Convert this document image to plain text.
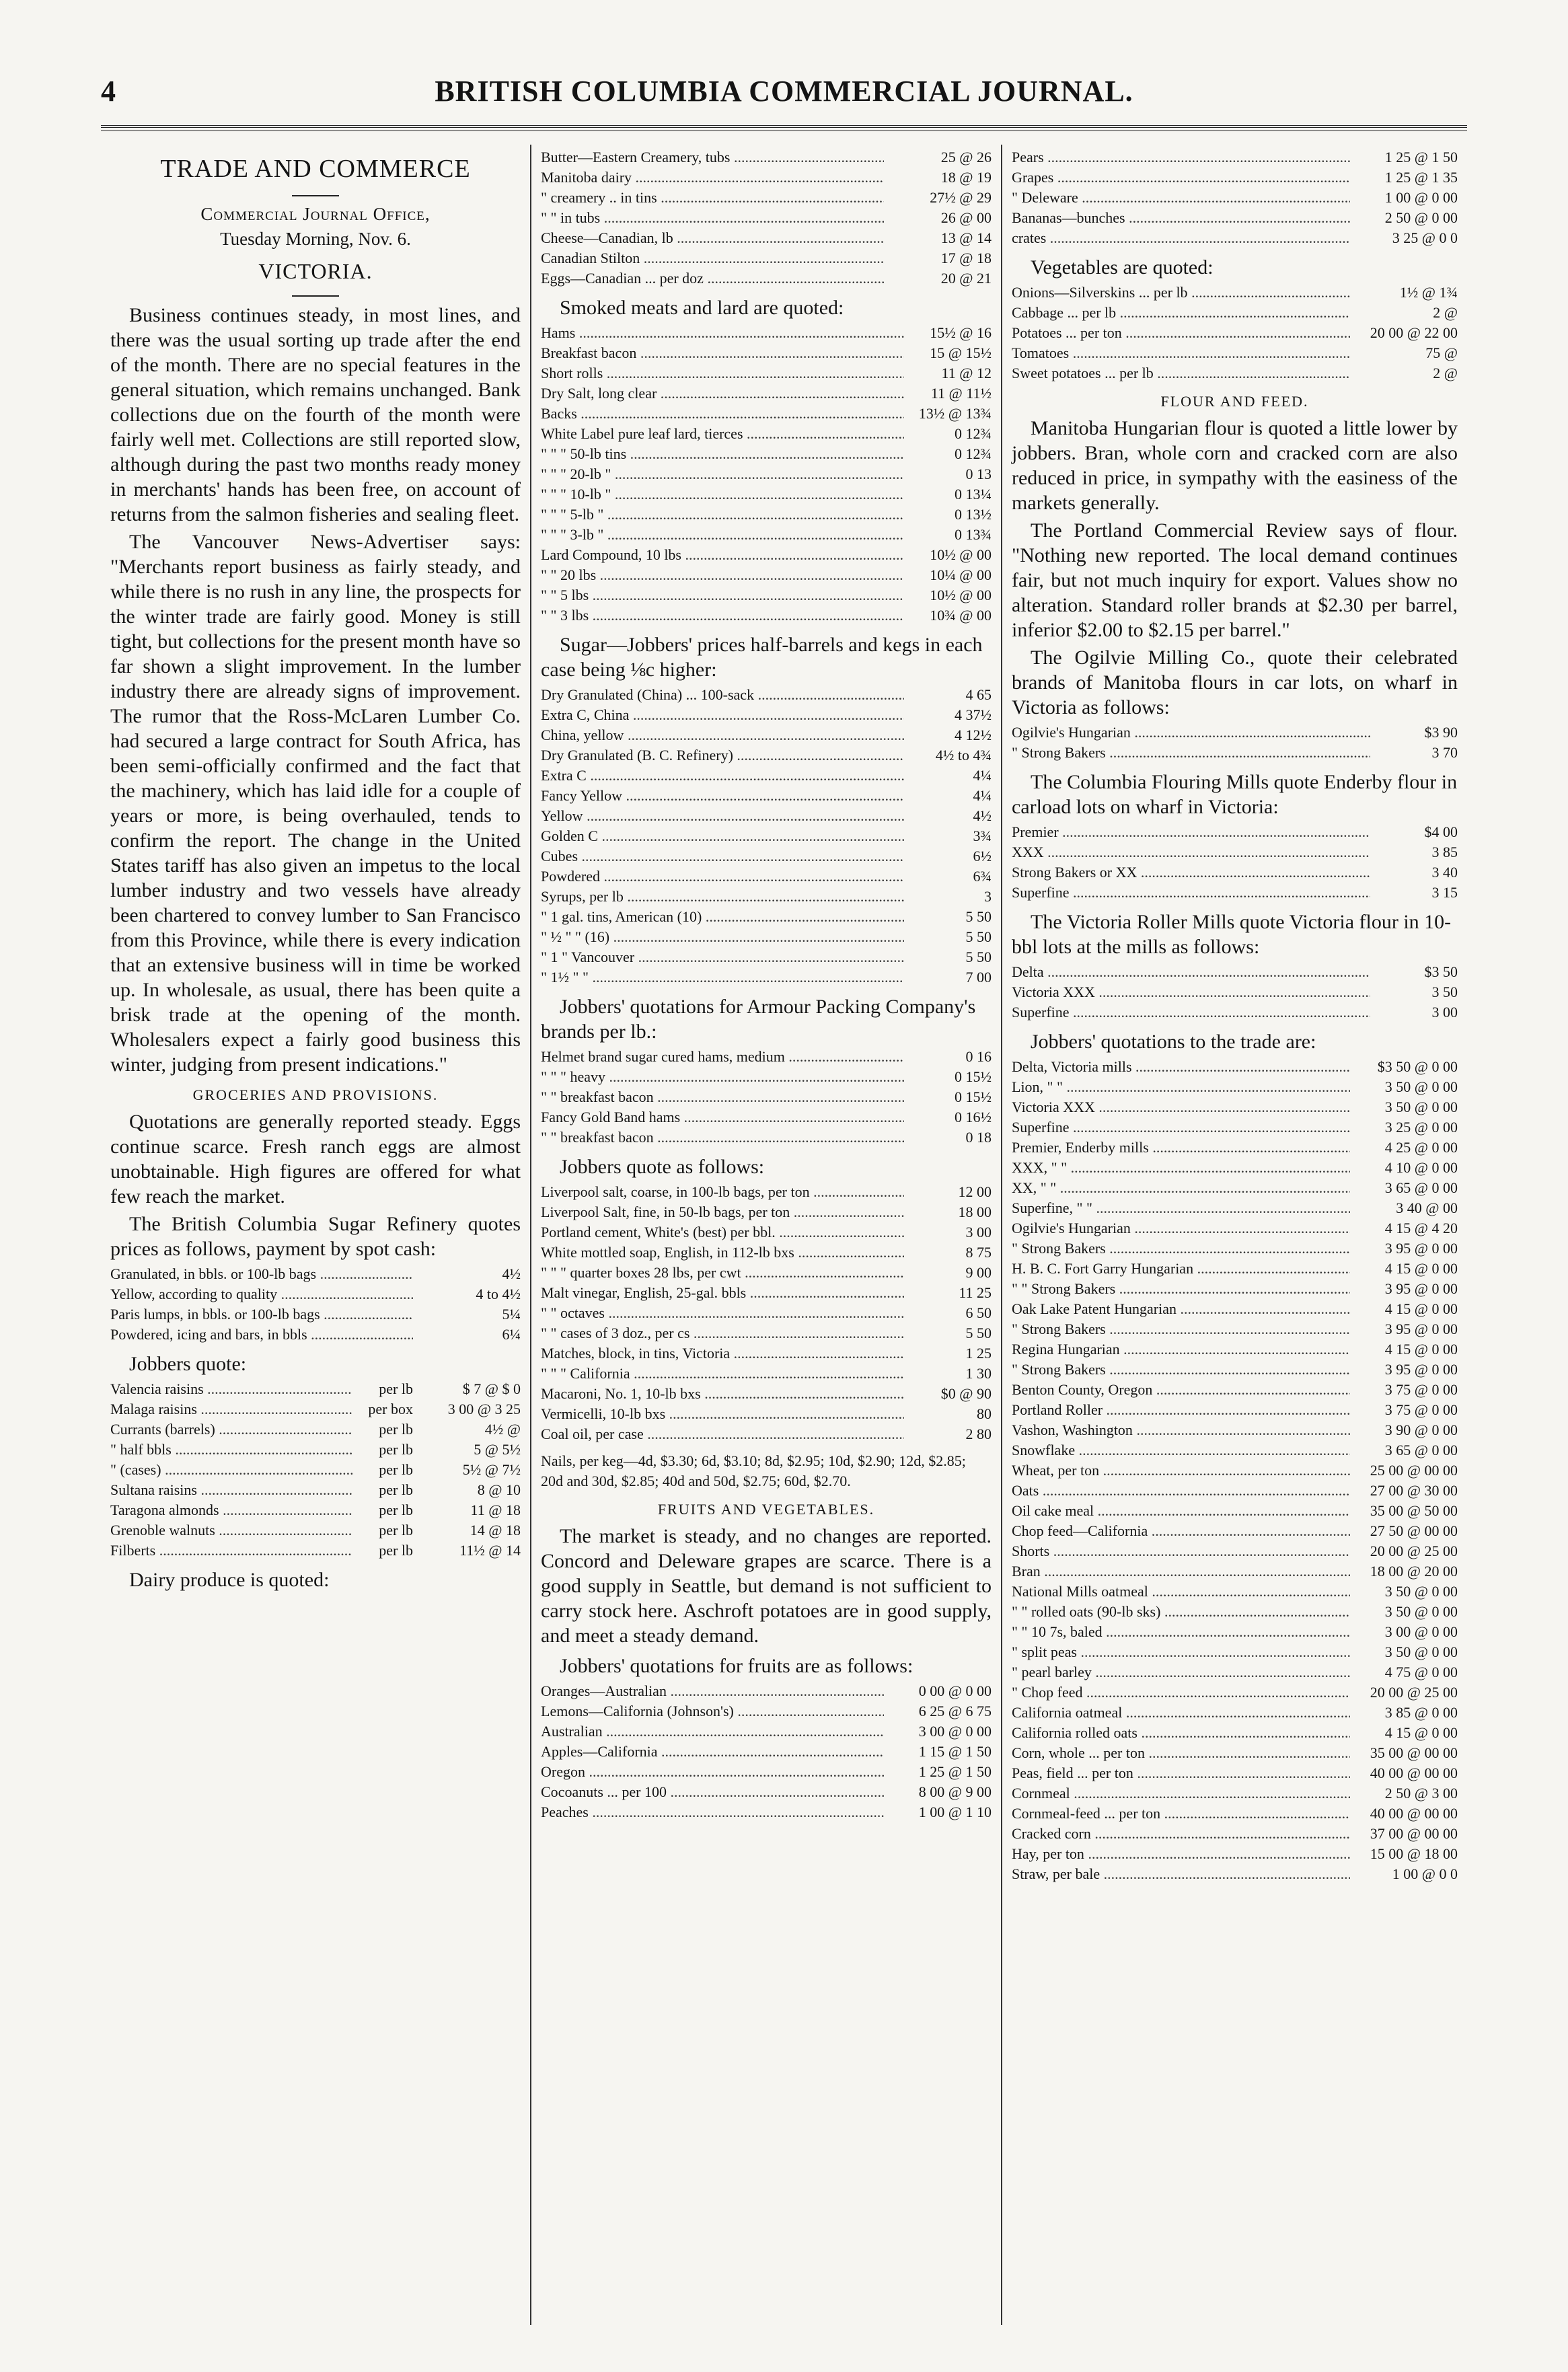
4	BRITISH COLUMBIA COMMERCIAL JOURNAL.
TRADE AND COMMERCE
Commercial Journal Office,
Tuesday Morning, Nov. 6.
VICTORIA.

Business continues steady, in most lines, and there was the usual sorting up trade after the end of the month. There are no special features in the general situation, which remains unchanged. Bank collections due on the fourth of the month were fairly well met. Collections are still reported slow, although during the past two months ready money in merchants' hands has been free, on account of returns from the salmon fisheries and sealing fleet.

The Vancouver News-Advertiser says: "Merchants report business as fairly steady, and while there is no rush in any line, the prospects for the winter trade are fairly good. Money is still tight, but collections for the present month have so far shown a slight improvement. In the lumber industry there are already signs of improvement. The rumor that the Ross-McLaren Lumber Co. had secured a large contract for South Africa, has been semi-officially confirmed and the fact that the machinery, which has laid idle for a couple of years or more, is being overhauled, tends to confirm the report. The change in the United States tariff has also given an impetus to the local lumber industry and two vessels have already been chartered to convey lumber to San Francisco from this Province, while there is every indication that an extensive business will in time be worked up. In wholesale, as usual, there has been quite a brisk trade at the opening of the month. Wholesalers expect a fairly good business this winter, judging from present indications."

GROCERIES AND PROVISIONS.

Quotations are generally reported steady. Eggs continue scarce. Fresh ranch eggs are almost unobtainable. High figures are offered for what few reach the market.

The British Columbia Sugar Refinery quotes prices as follows, payment by spot cash:

Granulated, in bbls. or 100-lb bags .....	4½
Yellow, according to quality .....	4 to 4½
Paris lumps, in bbls. or 100-lb bags .....	5¼
Powdered, icing and bars, in bbls .....	6¼
Jobbers quote:
Valencia raisins .....	per lb	$ 7 @ $ 0
Malaga raisins .....	per box	3 00 @ 3 25
Currants (barrels) .....	per lb	4½ @
" half bbls .....	per lb	5 @ 5½
" (cases) .....	per lb	5½ @ 7½
Sultana raisins .....	per lb	8 @ 10
Taragona almonds .....	per lb	11 @ 18
Grenoble walnuts .....	per lb	14 @ 18
Filberts .....	per lb	11½ @ 14
Dairy produce is quoted:
Butter—Eastern Creamery, tubs .....	25 @ 26
Manitoba dairy .....	18 @ 19
" creamery .. in tins .....	27½ @ 29
" " in tubs .....	26 @ 00
Cheese—Canadian, lb .....	13 @ 14
Canadian Stilton .....	17 @ 18
Eggs—Canadian ... per doz .....	20 @ 21
Smoked meats and lard are quoted:
Hams .....	15½ @ 16
Breakfast bacon .....	15 @ 15½
Short rolls .....	11 @ 12
Dry Salt, long clear .....	11 @ 11½
Backs .....	13½ @ 13¾
White Label pure leaf lard, tierces .....	0 12¾
" " " 50-lb tins .....	0 12¾
" " " 20-lb " .....	0 13
" " " 10-lb " .....	0 13¼
" " " 5-lb " .....	0 13½
" " " 3-lb " .....	0 13¾
Lard Compound, 10 lbs .....	10½ @ 00
" " 20 lbs .....	10¼ @ 00
" " 5 lbs .....	10½ @ 00
" " 3 lbs .....	10¾ @ 00
Sugar—Jobbers' prices half-barrels and kegs in each case being ⅛c higher:
Dry Granulated (China) ... 100-sack .....	4 65
Extra C, China .....	4 37½
China, yellow .....	4 12½
Dry Granulated (B. C. Refinery) .....	4½ to 4¾
Extra C .....	4¼
Fancy Yellow .....	4¼
Yellow .....	4½
Golden C .....	3¾
Cubes .....	6½
Powdered .....	6¾
Syrups, per lb .....	3
" 1 gal. tins, American (10) .....	5 50
" ½ " " (16) .....	5 50
" 1 " Vancouver .....	5 50
" 1½ " " .....	7 00
Jobbers' quotations for Armour Packing Company's brands per lb.:
Helmet brand sugar cured hams, medium .....	0 16
" " " heavy .....	0 15½
" " breakfast bacon .....	0 15½
Fancy Gold Band hams .....	0 16½
" " breakfast bacon .....	0 18
Jobbers quote as follows:
Liverpool salt, coarse, in 100-lb bags, per ton .....	12 00
Liverpool Salt, fine, in 50-lb bags, per ton .....	18 00
Portland cement, White's (best) per bbl. .....	3 00
White mottled soap, English, in 112-lb bxs .....	8 75
" " " quarter boxes 28 lbs, per cwt .....	9 00
Malt vinegar, English, 25-gal. bbls .....	11 25
" " octaves .....	6 50
" " cases of 3 doz., per cs .....	5 50
Matches, block, in tins, Victoria .....	1 25
" " " California .....	1 30
Macaroni, No. 1, 10-lb bxs .....	$0 @ 90
Vermicelli, 10-lb bxs .....	80
Coal oil, per case .....	2 80
Nails, per keg—4d, $3.30; 6d, $3.10; 8d, $2.95; 10d, $2.90; 12d, $2.85; 20d and 30d, $2.85; 40d and 50d, $2.75; 60d, $2.70.
FRUITS AND VEGETABLES.

The market is steady, and no changes are reported. Concord and Deleware grapes are scarce. There is a good supply in Seattle, but demand is not sufficient to carry stock here. Aschroft potatoes are in good supply, and meet a steady demand.

Jobbers' quotations for fruits are as follows:
Oranges—Australian .....	0 00 @ 0 00
Lemons—California (Johnson's) .....	6 25 @ 6 75
Australian .....	3 00 @ 0 00
Apples—California .....	1 15 @ 1 50
Oregon .....	1 25 @ 1 50
Cocoanuts ... per 100 .....	8 00 @ 9 00
Peaches .....	1 00 @ 1 10
Pears .....	1 25 @ 1 50
Grapes .....	1 25 @ 1 35
" Deleware .....	1 00 @ 0 00
Bananas—bunches .....	2 50 @ 0 00
crates .....	3 25 @ 0 0
Vegetables are quoted:
Onions—Silverskins ... per lb .....	1½ @ 1¾
Cabbage ... per lb .....	2 @
Potatoes ... per ton .....	20 00 @ 22 00
Tomatoes .....	75 @
Sweet potatoes ... per lb .....	2 @
FLOUR AND FEED.

Manitoba Hungarian flour is quoted a little lower by jobbers. Bran, whole corn and cracked corn are also reduced in price, in sympathy with the easiness of the markets generally.

The Portland Commercial Review says of flour. "Nothing new reported. The local demand continues fair, but not much inquiry for export. Values show no alteration. Standard roller brands at $2.30 per barrel, inferior $2.00 to $2.15 per barrel."

The Ogilvie Milling Co., quote their celebrated brands of Manitoba flours in car lots, on wharf in Victoria as follows:

Ogilvie's Hungarian .....	$3 90
" Strong Bakers .....	3 70
The Columbia Flouring Mills quote Enderby flour in carload lots on wharf in Victoria:
Premier .....	$4 00
XXX .....	3 85
Strong Bakers or XX .....	3 40
Superfine .....	3 15
The Victoria Roller Mills quote Victoria flour in 10-bbl lots at the mills as follows:
Delta .....	$3 50
Victoria XXX .....	3 50
Superfine .....	3 00
Jobbers' quotations to the trade are:
Delta, Victoria mills .....	$3 50 @ 0 00
Lion, " " .....	3 50 @ 0 00
Victoria XXX .....	3 50 @ 0 00
Superfine .....	3 25 @ 0 00
Premier, Enderby mills .....	4 25 @ 0 00
XXX, " " .....	4 10 @ 0 00
XX, " " .....	3 65 @ 0 00
Superfine, " " .....	3 40 @ 00
Ogilvie's Hungarian .....	4 15 @ 4 20
" Strong Bakers .....	3 95 @ 0 00
H. B. C. Fort Garry Hungarian .....	4 15 @ 0 00
" " Strong Bakers .....	3 95 @ 0 00
Oak Lake Patent Hungarian .....	4 15 @ 0 00
" Strong Bakers .....	3 95 @ 0 00
Regina Hungarian .....	4 15 @ 0 00
" Strong Bakers .....	3 95 @ 0 00
Benton County, Oregon .....	3 75 @ 0 00
Portland Roller .....	3 75 @ 0 00
Vashon, Washington .....	3 90 @ 0 00
Snowflake .....	3 65 @ 0 00
Wheat, per ton .....	25 00 @ 00 00
Oats .....	27 00 @ 30 00
Oil cake meal .....	35 00 @ 50 00
Chop feed—California .....	27 50 @ 00 00
Shorts .....	20 00 @ 25 00
Bran .....	18 00 @ 20 00
National Mills oatmeal .....	3 50 @ 0 00
" " rolled oats (90-lb sks) .....	3 50 @ 0 00
" " 10 7s, baled .....	3 00 @ 0 00
" split peas .....	3 50 @ 0 00
" pearl barley .....	4 75 @ 0 00
" Chop feed .....	20 00 @ 25 00
California oatmeal .....	3 85 @ 0 00
California rolled oats .....	4 15 @ 0 00
Corn, whole ... per ton .....	35 00 @ 00 00
Peas, field ... per ton .....	40 00 @ 00 00
Cornmeal .....	2 50 @ 3 00
Cornmeal-feed ... per ton .....	40 00 @ 00 00
Cracked corn .....	37 00 @ 00 00
Hay, per ton .....	15 00 @ 18 00
Straw, per bale .....	1 00 @ 0 0
